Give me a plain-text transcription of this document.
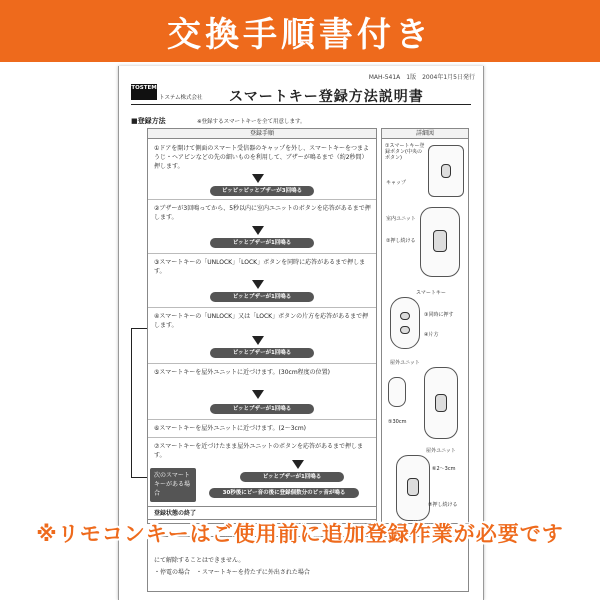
交換手順書付き
MAH-541A　1版　2004年1月5日発行
TOSTEM
トステム株式会社 スマートキー登録方法説明書
■登録方法	※登録するスマートキーを全て用意します。
登録手順
①ドアを開けて側面のスマート受信器のキャップを外し、スマートキーをつまようじ・ヘアピンなどの先の細いものを利用して、ブザーが鳴るまで（約2秒間）押します。
ピッピッピッとブザーが3回鳴る
②ブザーが3回鳴ってから、5秒以内に室内ユニットのボタンを応答があるまで押します。
ピッとブザーが1回鳴る
③スマートキーの「UNLOCK」「LOCK」ボタンを同時に応答があるまで押します。
ピッとブザーが1回鳴る
④スマートキーの「UNLOCK」又は「LOCK」ボタンの片方を応答があるまで押します。
ピッとブザーが1回鳴る
⑤スマートキーを屋外ユニットに近づけます。(30cm程度の位置)
ピッとブザーが1回鳴る
⑥スマートキーを屋外ユニットに近づけます。(2〜3cm)
⑦スマートキーを近づけたまま屋外ユニットのボタンを応答があるまで押します。
ピッとブザーが1回鳴る
次のスマートキーがある場合	30秒後にピー音の後に登録個数分のピッ音が鳴る
登録状態の終了
詳細図
①スマートキー登録ボタン(中央のボタン)
キャップ
室内ユニット
②押し続ける
スマートキー
③同時に押す
④片方
屋外ユニット
⑤30cm
屋外ユニット
⑥2〜3cm
⑦押し続ける
にて解除することはできません。
・停電の場合　・スマートキーを持たずに外出された場合
※リモコンキーはご使用前に追加登録作業が必要です
